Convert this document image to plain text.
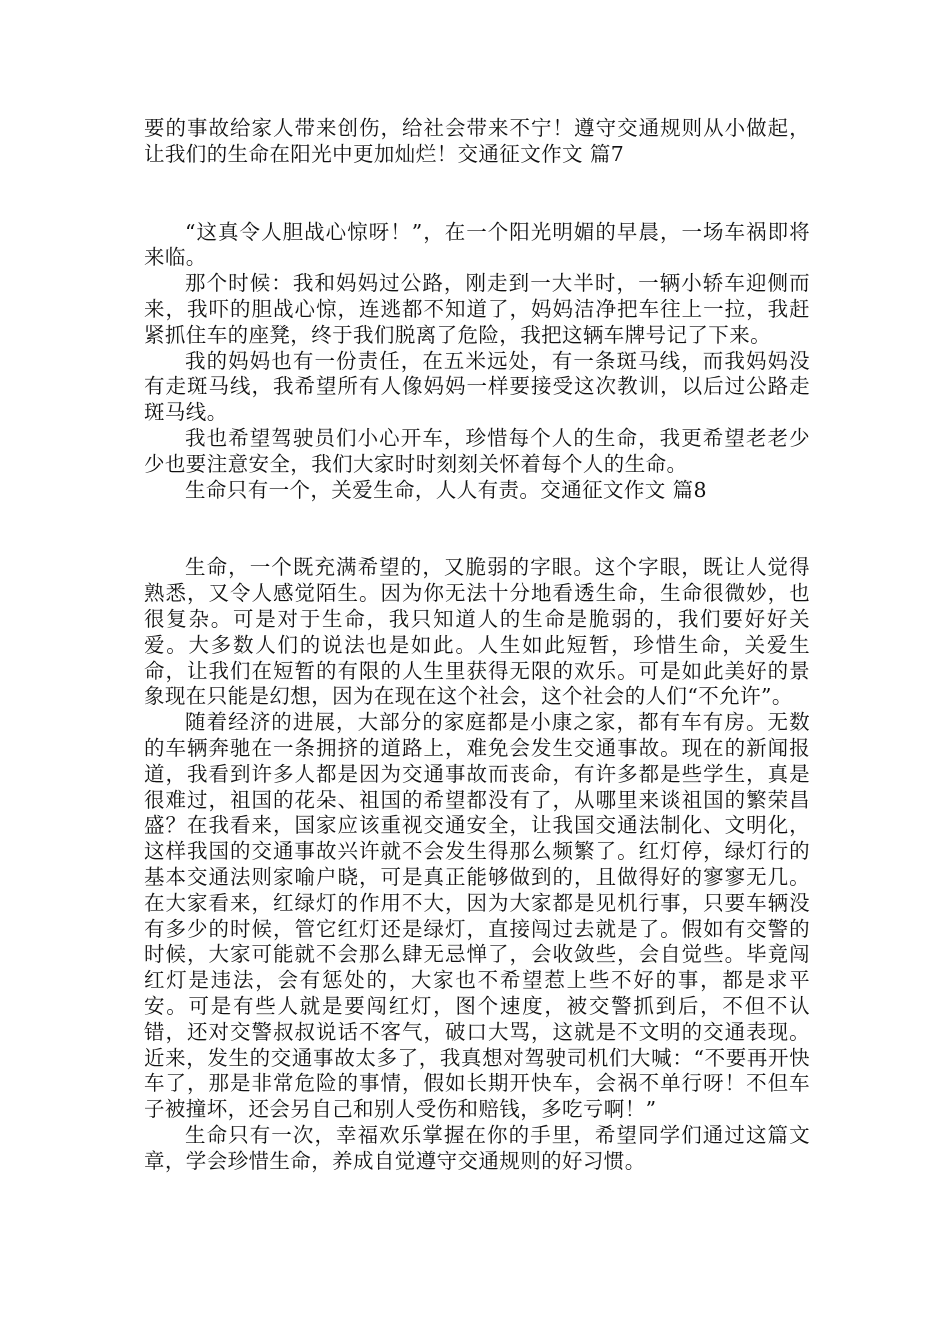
要的事故给家人带来创伤，给社会带来不宁！遵守交通规则从小做起，让我们的生命在阳光中更加灿烂！交通征文作文 篇7

“这真令人胆战心惊呀！”，在一个阳光明媚的早晨，一场车祸即将来临。

那个时候：我和妈妈过公路，刚走到一大半时，一辆小轿车迎侧而来，我吓的胆战心惊，连逃都不知道了，妈妈洁净把车往上一拉，我赶紧抓住车的座凳，终于我们脱离了危险，我把这辆车牌号记了下来。

我的妈妈也有一份责任，在五米远处，有一条斑马线，而我妈妈没有走斑马线，我希望所有人像妈妈一样要接受这次教训，以后过公路走斑马线。

我也希望驾驶员们小心开车，珍惜每个人的生命，我更希望老老少少也要注意安全，我们大家时时刻刻关怀着每个人的生命。

生命只有一个，关爱生命，人人有责。交通征文作文 篇8

生命，一个既充满希望的，又脆弱的字眼。这个字眼，既让人觉得熟悉，又令人感觉陌生。因为你无法十分地看透生命，生命很微妙，也很复杂。可是对于生命，我只知道人的生命是脆弱的，我们要好好关爱。大多数人们的说法也是如此。人生如此短暂，珍惜生命，关爱生命，让我们在短暂的有限的人生里获得无限的欢乐。可是如此美好的景象现在只能是幻想，因为在现在这个社会，这个社会的人们“不允许”。

随着经济的进展，大部分的家庭都是小康之家，都有车有房。无数的车辆奔驰在一条拥挤的道路上，难免会发生交通事故。现在的新闻报道，我看到许多人都是因为交通事故而丧命，有许多都是些学生，真是很难过，祖国的花朵、祖国的希望都没有了，从哪里来谈祖国的繁荣昌盛？在我看来，国家应该重视交通安全，让我国交通法制化、文明化，这样我国的交通事故兴许就不会发生得那么频繁了。红灯停，绿灯行的基本交通法则家喻户晓，可是真正能够做到的，且做得好的寥寥无几。在大家看来，红绿灯的作用不大，因为大家都是见机行事，只要车辆没有多少的时候，管它红灯还是绿灯，直接闯过去就是了。假如有交警的时候，大家可能就不会那么肆无忌惮了，会收敛些，会自觉些。毕竟闯红灯是违法，会有惩处的，大家也不希望惹上些不好的事，都是求平安。可是有些人就是要闯红灯，图个速度，被交警抓到后，不但不认错，还对交警叔叔说话不客气，破口大骂，这就是不文明的交通表现。近来，发生的交通事故太多了，我真想对驾驶司机们大喊：“不要再开快车了，那是非常危险的事情，假如长期开快车，会祸不单行呀！不但车子被撞坏，还会另自己和别人受伤和赔钱，多吃亏啊！”

生命只有一次，幸福欢乐掌握在你的手里，希望同学们通过这篇文章，学会珍惜生命，养成自觉遵守交通规则的好习惯。
